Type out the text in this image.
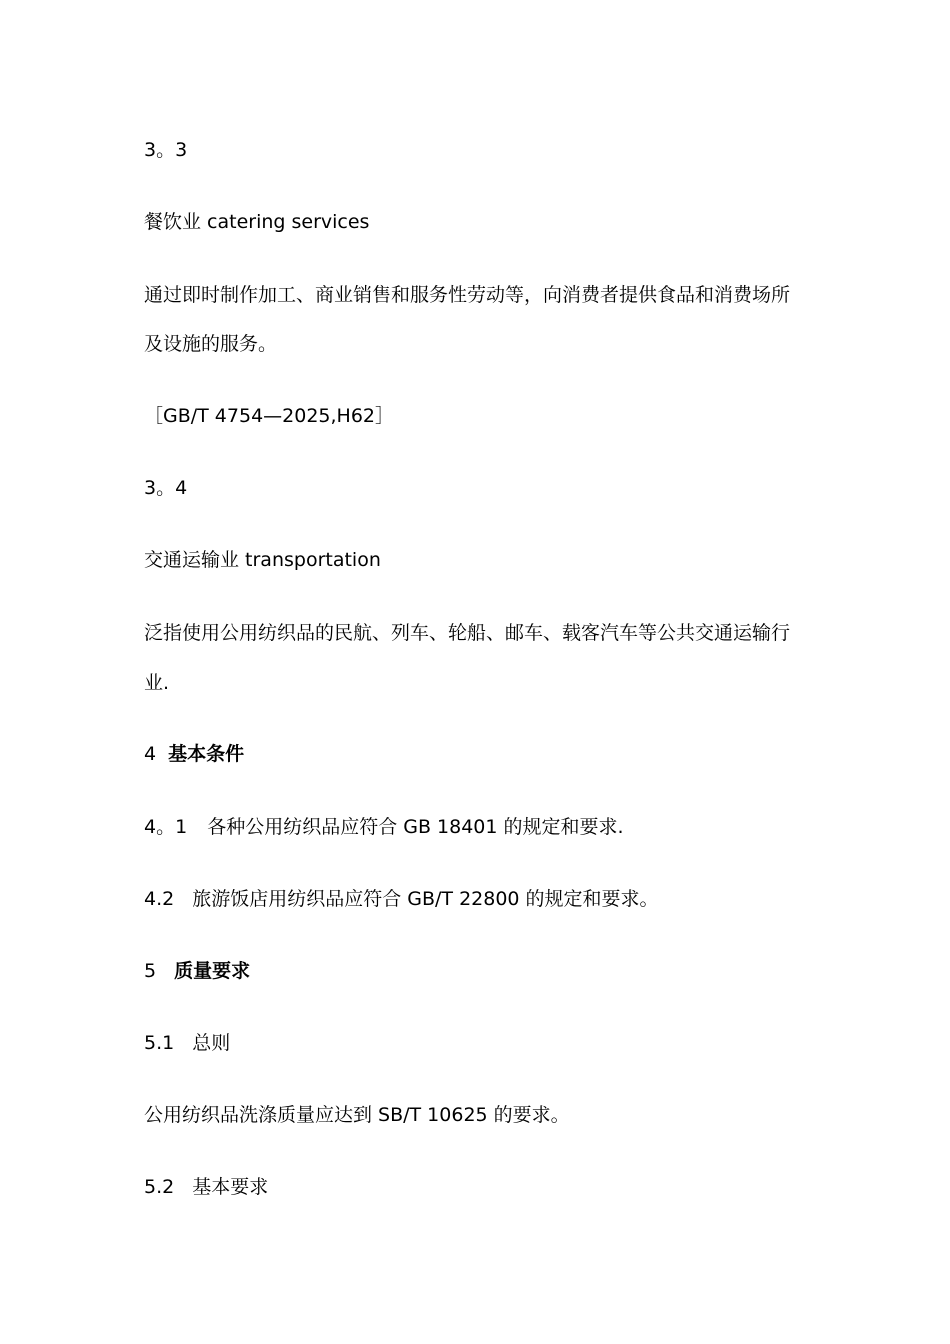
3。3
餐饮业 catering services
通过即时制作加工、商业销售和服务性劳动等，向消费者提供食品和消费场所
及设施的服务。
［GB/T 4754—2025,H62］
3。4
交通运输业 transportation
泛指使用公用纺织品的民航、列车、轮船、邮车、载客汽车等公共交通运输行
业.
4 基本条件
4。1 各种公用纺织品应符合 GB 18401 的规定和要求.
4.2 旅游饭店用纺织品应符合 GB/T 22800 的规定和要求。
5 质量要求
5.1 总则
公用纺织品洗涤质量应达到 SB/T 10625 的要求。
5.2 基本要求
